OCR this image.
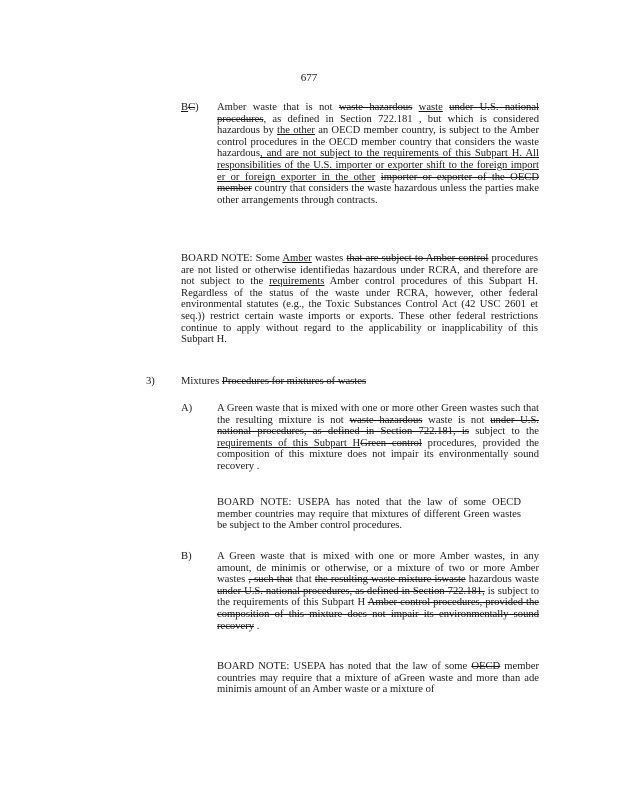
677
BC) Amber waste that is not waste hazardous waste under U.S. national procedures, as defined in Section 722.181 , but which is considered hazardous by the other an OECD member country, is subject to the Amber control procedures in the OECD member country that considers the waste hazardous, and are not subject to the requirements of this Subpart H. All responsibilities of the U.S. importer or exporter shift to the foreign import er or foreign exporter in the other importer or exporter of the OECD member country that considers the waste hazardous unless the parties make other arrangements through contracts.
BOARD NOTE: Some Amber wastes that are subject to Amber control procedures are not listed or otherwise identifiedas hazardous under RCRA, and therefore are not subject to the requirements Amber control procedures of this Subpart H. Regardless of the status of the waste under RCRA, however, other federal environmental statutes (e.g., the Toxic Substances Control Act (42 USC 2601 et seq.)) restrict certain waste imports or exports. These other federal restrictions continue to apply without regard to the applicability or inapplicability of this Subpart H.
3) Mixtures Procedures for mixtures of wastes
A) A Green waste that is mixed with one or more other Green wastes such that the resulting mixture is not waste hazardous waste is not under U.S. national procedures, as defined in Section 722.181, is subject to the requirements of this Subpart HGreen control procedures, provided the composition of this mixture does not impair its environmentally sound recovery .
BOARD NOTE: USEPA has noted that the law of some OECD member countries may require that mixtures of different Green wastes be subject to the Amber control procedures.
B) A Green waste that is mixed with one or more Amber wastes, in any amount, de minimis or otherwise, or a mixture of two or more Amber wastes , such that that the resulting waste mixture iswaste hazardous waste under U.S. national procedures, as defined in Section 722.181, is subject to the requirements of this Subpart H Amber control procedures, provided the composition of this mixture does not impair its environmentally sound recovery .
BOARD NOTE: USEPA has noted that the law of some OECD member countries may require that a mixture of aGreen waste and more than ade minimis amount of an Amber waste or a mixture of
